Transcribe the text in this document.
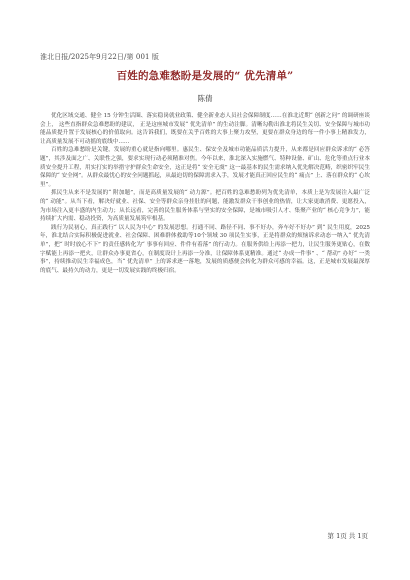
淮北日报/2025年9月22日/第 001 版
百姓的急难愁盼是发展的“ 优先清单”
陈倩

优化区域交通、健全 15 分钟生活圈、落实稳岗就业政策、健全新业态人员社会保障制度……在淮北近期“ 创新之问” 的调研座谈会上， 这些直指群众急难愁盼的建议， 正是这座城市发展“ 优先清单” 的生动注脚。清晰勾勒出淮北将民生关切、安全保障与城市功能品质提升置于发展核心的价值取向。这告诉我们，既要在关乎百姓的大事上聚力攻坚，更要在群众身边的每一件小事上精准发力，让高质量发展不可动摇的底线中……

百姓的急难愁盼是关键，发展的重心就是指向哪里。惠民生、保安全及城市功能品质活力提升，从来都是回应群众诉求的“ 必答题”，其涉及面之广、关联性之强，要求实现行动必须精准对焦。今年以来，淮北深入实施燃气、特种设备、矿山、危化等重点行业本质安全提升工程，用实打实的举措守护群众生命安全，这正是将“ 安全无虞” 这一最基本的民生需求纳入优先解决范畴，织密织牢民生保障的“ 安全网”。从群众最忧心的安全问题抓起，从最迫切的保障需求入手，发展才能真正回应民生的“ 痛点” 上、落在群众的“ 心坎里”。

抓民生从来不是发展的“ 附加题”，而是高质量发展的“ 动力源”。把百姓的急难愁盼列为优先清单，本质上是为发展注入最广泛的“ 动能”。从当下看，解决好就业、社保、安全等群众亲身挂肚的问题，能激发群众干事创业的热情，让大家更敢消费、更愿投入，为市场注入更丰盛的内生动力；从长远看，完善的民生服务体系与坚实的安全保障，是城市吸引人才、集聚产业的“ 核心竞争力”，能持续扩大内需、稳动投资，为高质量发展筑牢根基。

践行为民初心，真正践行“ 以人民为中心” 的发展思想。打通不同、路径不同、事不好办，奔车好不好办” 到“ 民生用度，2025年，淮北结合实际积极促进就业、社会保障、困难群体救助等10个领域 30 项民生实事，正是将群众的烦恼诉求动态一纳入“ 优先清单”，把“ 时时放心不下” 的责任感转化为“ 事事有回应、件件有着落” 的行动力。在服务供给上再添一把力，让民生服务更贴心，在数字赋能上再添一把火，让群众办事更省心，在制度设计上再添一分准，让保障体系更精准。通过“ 办成一件事” 、“ 帮动” 办好“ 一类事”，持续推动民生幸福成色，当“ 优先清单” 上的诉求逐一落地，发展的质感便会转化为群众可感的幸福。这，正是城市发展最深厚的底气、最持久的动力，更是一切发展实践的终极归宿。

第 1页 共 1页
